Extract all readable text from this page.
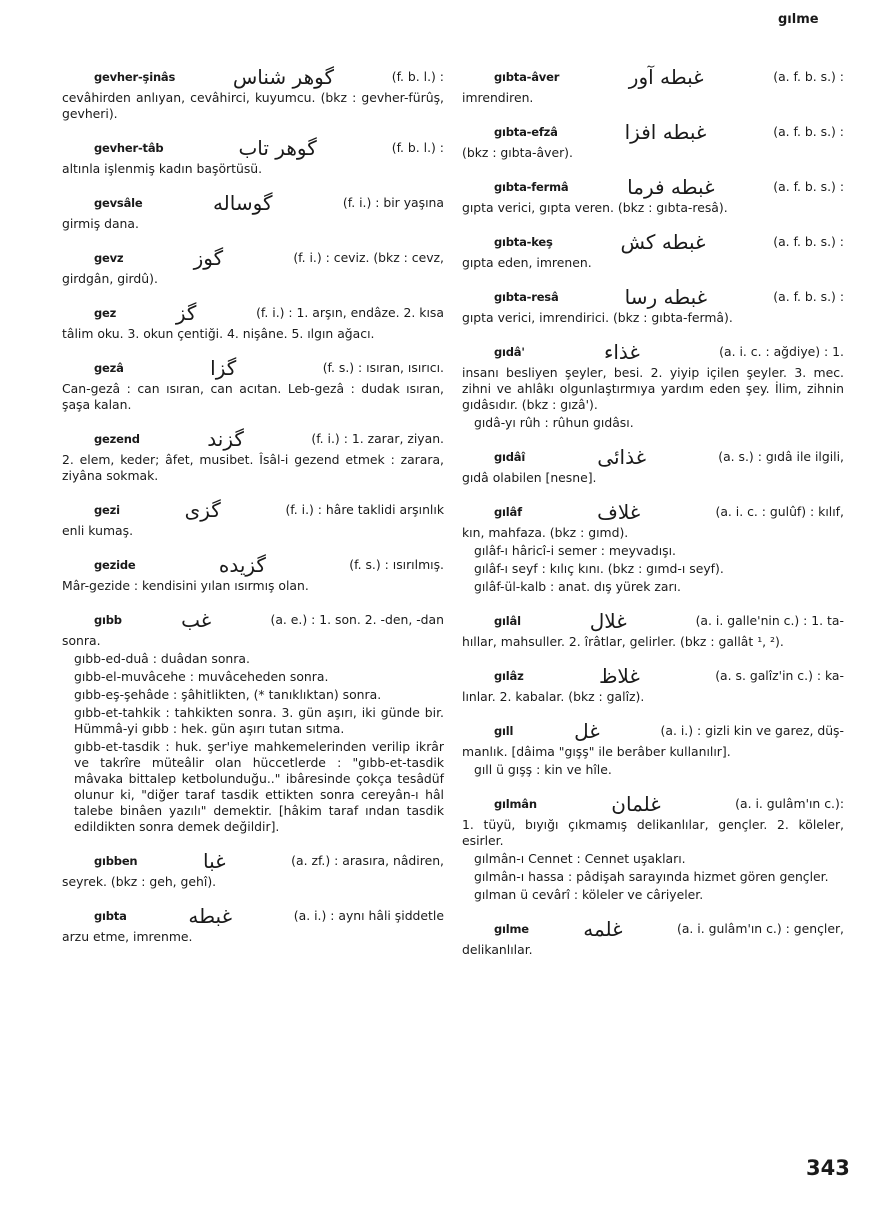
gılme
gevher-şinâs	گوهر شناس	(f. b. l.) :
cevâhirden anlıyan, cevâhirci, kuyumcu. (bkz : gevher-fürûş, gevheri).
gevher-tâb	گوهر تاب	(f. b. l.) :
altınla işlenmiş kadın başörtüsü.
gevsâle	گوساله	(f. i.) : bir yaşına
girmiş dana.
gevz	گوز	(f. i.) : ceviz. (bkz : cevz,
girdgân, girdû).
gez	گز	(f. i.) : 1. arşın, endâze. 2. kısa
tâlim oku. 3. okun çentiği. 4. nişâne. 5. ılgın ağacı.
gezâ	گزا	(f. s.) : ısıran, ısırıcı.
Can-gezâ : can ısıran, can acıtan. Leb-gezâ : dudak ısıran, şaşa kalan.
gezend	گزند	(f. i.) : 1. zarar, ziyan.
2. elem, keder; âfet, musibet. Îsâl-i gezend etmek : zarara, ziyâna sokmak.
gezi	گزی	(f. i.) : hâre taklidi arşınlık
enli kumaş.
gezide	گزیده	(f. s.) : ısırılmış.
Mâr-gezide : kendisini yılan ısırmış olan.
gıbb	غب	(a. e.) : 1. son. 2. -den, -dan
sonra.
gıbb-ed-duâ : duâdan sonra.
gıbb-el-muvâcehe : muvâceheden sonra.
gıbb-eş-şehâde : şâhitlikten, (* tanıklıktan) sonra.
gıbb-et-tahkik : tahkikten sonra. 3. gün aşırı, iki günde bir. Hümmâ-yi gıbb : hek. gün aşırı tutan sıtma.
gıbb-et-tasdik : huk. şer'iye mahkemelerinden verilip ikrâr ve takrîre müteâlir olan hüccetlerde : "gıbb-et-tasdik mâvaka bittalep ketbolunduğu.." ibâresinde çokça tesâdüf olunur ki, "diğer taraf tasdik ettikten sonra cereyân-ı hâl talebe binâen yazılı" demektir. [hâkim taraf ından tasdik edildikten sonra demek değildir].
gıbben	غبا	(a. zf.) : arasıra, nâdiren,
seyrek. (bkz : geh, gehî).
gıbta	غبطه	(a. i.) : aynı hâli şiddetle
arzu etme, imrenme.
gıbta-âver	غبطه آور	(a. f. b. s.) :
imrendiren.
gıbta-efzâ	غبطه افزا	(a. f. b. s.) :
(bkz : gıbta-âver).
gıbta-fermâ	غبطه فرما	(a. f. b. s.) :
gıpta verici, gıpta veren. (bkz : gıbta-resâ).
gıbta-keş	غبطه کش	(a. f. b. s.) :
gıpta eden, imrenen.
gıbta-resâ	غبطه رسا	(a. f. b. s.) :
gıpta verici, imrendirici. (bkz : gıbta-fermâ).
gıdâ'	غذاء	(a. i. c. : ağdiye) : 1.
insanı besliyen şeyler, besi. 2. yiyip içilen şeyler. 3. mec. zihni ve ahlâkı olgunlaştırmıya yardım eden şey. İlim, zihnin gıdâsıdır. (bkz : gızâ').
gıdâ-yı rûh : rûhun gıdâsı.
gıdâî	غذائی	(a. s.) : gıdâ ile ilgili,
gıdâ olabilen [nesne].
gılâf	غلاف	(a. i. c. : gulûf) : kılıf,
kın, mahfaza. (bkz : gımd).
gılâf-ı hâricî-i semer : meyvadışı.
gılâf-ı seyf : kılıç kını. (bkz : gımd-ı seyf).
gılâf-ül-kalb : anat. dış yürek zarı.
gılâl	غلال	(a. i. galle'nin c.) : 1. ta-
hıllar, mahsuller. 2. îrâtlar, gelirler. (bkz : gallât ¹, ²).
gılâz	غلاظ	(a. s. galîz'in c.) : ka-
lınlar. 2. kabalar. (bkz : galîz).
gıll	غل	(a. i.) : gizli kin ve garez, düş-
manlık. [dâima "gışş" ile berâber kullanılır].
gıll ü gışş : kin ve hîle.
gılmân	غلمان	(a. i. gulâm'ın c.):
1. tüyü, bıyığı çıkmamış delikanlılar, gençler. 2. köleler, esirler.
gılmân-ı Cennet : Cennet uşakları.
gılmân-ı hassa : pâdişah sarayında hizmet gören gençler.
gılman ü cevârî : köleler ve câriyeler.
gılme	غلمه	(a. i. gulâm'ın c.) : gençler,
delikanlılar.
343
